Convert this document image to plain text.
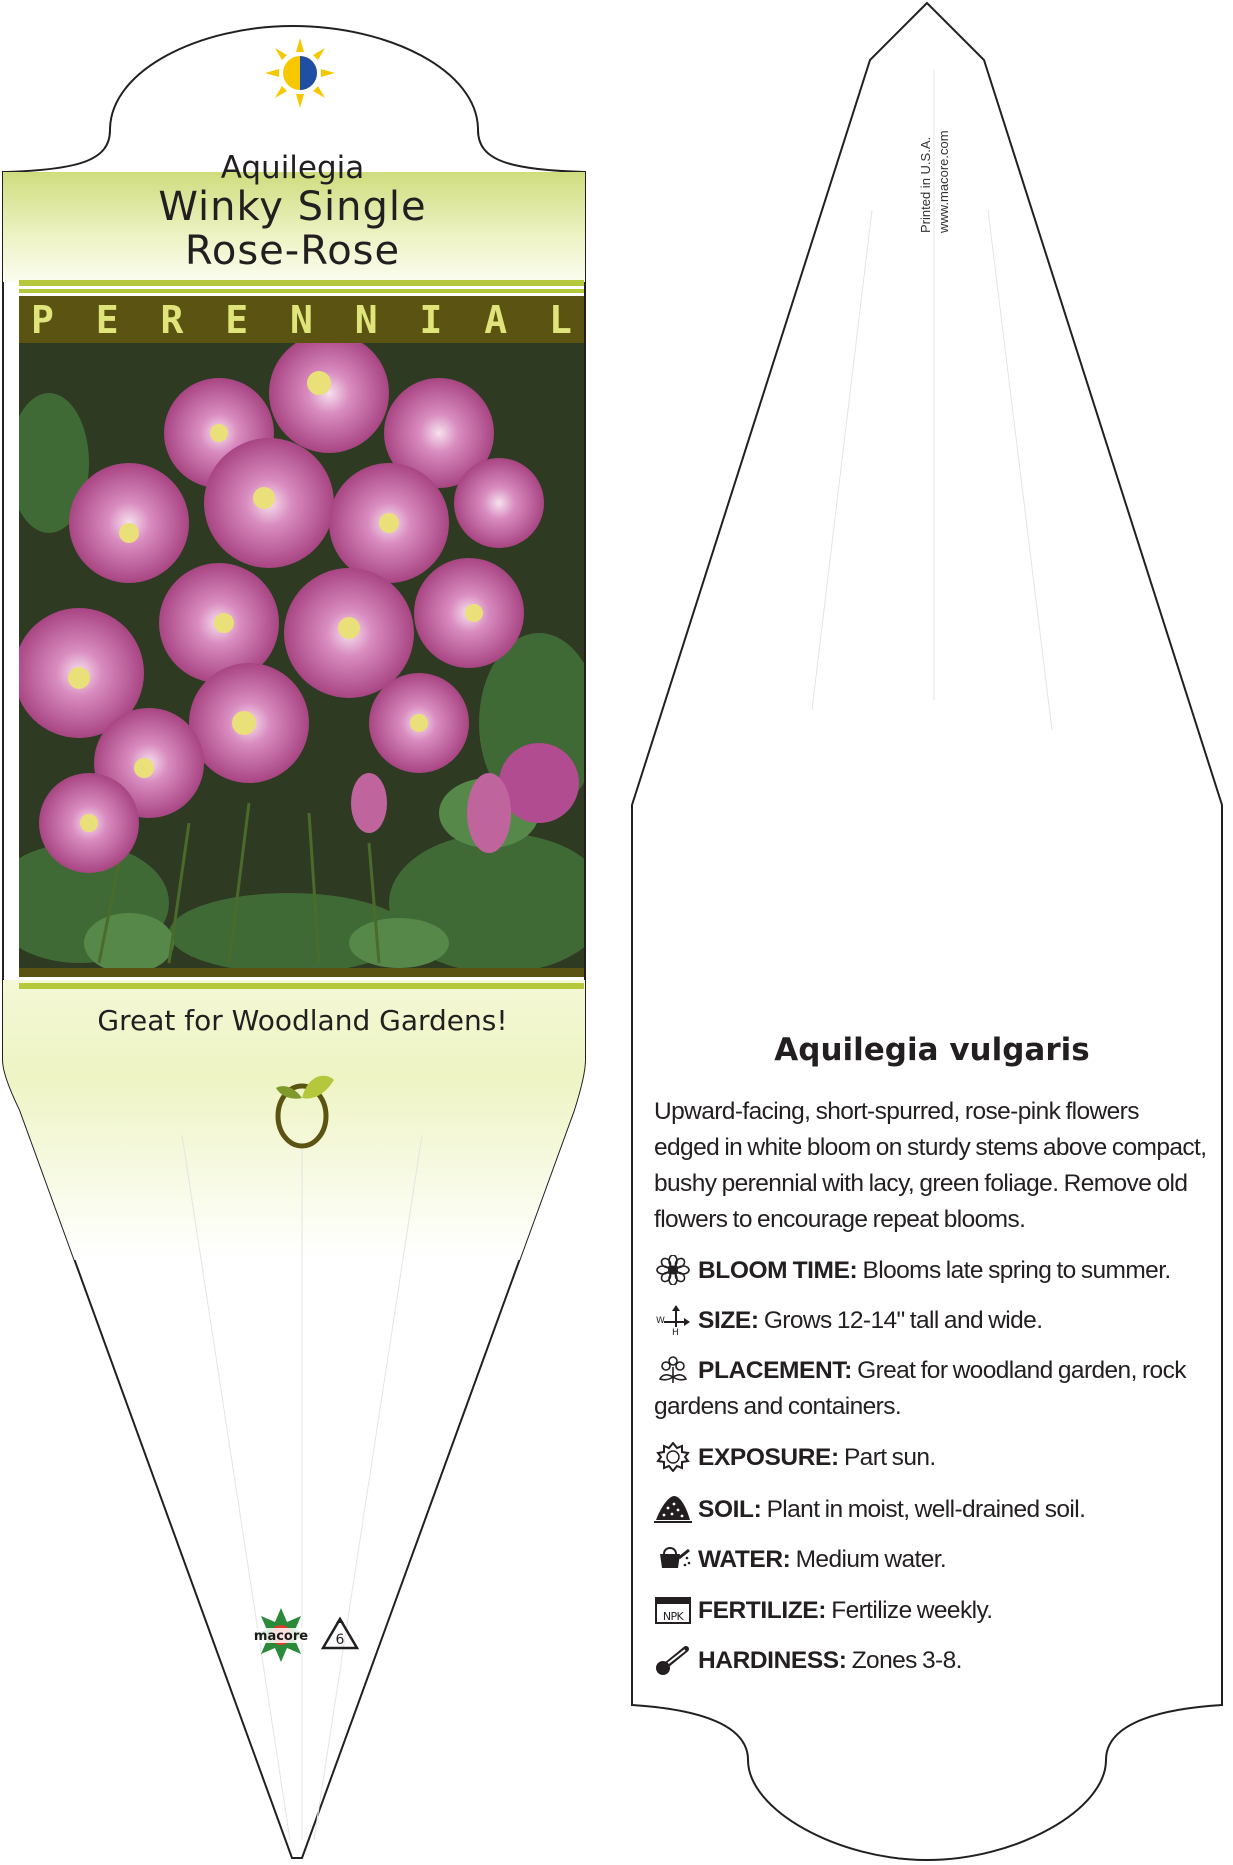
Aquilegia
Winky Single
Rose-Rose
P E R E N N I A L
Great for Woodland Gardens!
macore 6
Printed in U.S.A. www.macore.com
Aquilegia vulgaris
Upward-facing, short-spurred, rose-pink flowers edged in white bloom on sturdy stems above compact, bushy perennial with lacy, green foliage. Remove old flowers to encourage repeat blooms.
BLOOM TIME: Blooms late spring to summer.
W
H SIZE: Grows 12-14" tall and wide.
PLACEMENT: Great for woodland garden, rock gardens and containers.
EXPOSURE: Part sun.
SOIL: Plant in moist, well-drained soil.
WATER: Medium water.
NPK FERTILIZE: Fertilize weekly.
HARDINESS: Zones 3-8.
